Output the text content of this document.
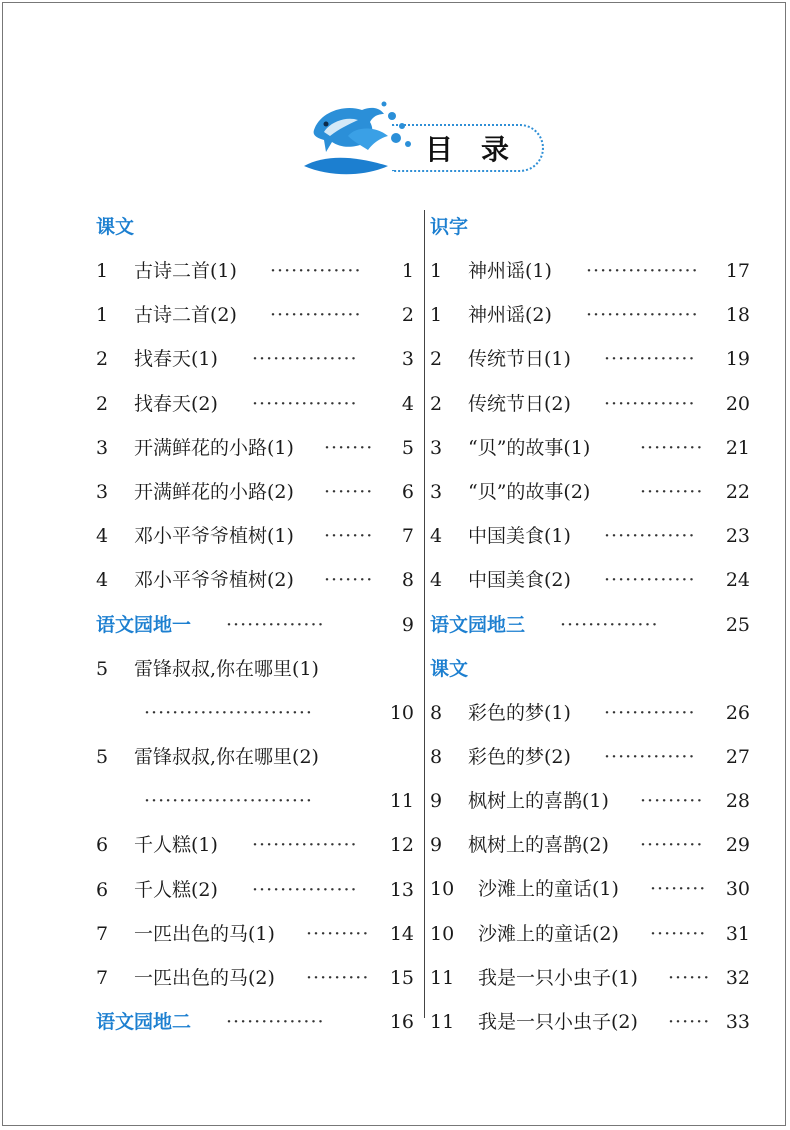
目 录
课文
1	古诗二首(1) ············· 1
1	古诗二首(2) ············· 2
2	找春天(1) ··············· 3
2	找春天(2) ··············· 4
3	开满鲜花的小路(1) ······· 5
3	开满鲜花的小路(2) ······· 6
4	邓小平爷爷植树(1) ······· 7
4	邓小平爷爷植树(2) ······· 8
语文园地一 ··············	9
5	雷锋叔叔,你在哪里(1)
························	10
5	雷锋叔叔,你在哪里(2)
························	11
6	千人糕(1) ··············· 12
6	千人糕(2) ··············· 13
7	一匹出色的马(1) ········· 14
7	一匹出色的马(2) ········· 15
语文园地二 ··············	16
识字
1	神州谣(1) ················ 17
1	神州谣(2) ················ 18
2	传统节日(1) ············· 19
2	传统节日(2) ············· 20
3	“贝”的故事(1)	········· 21
3	“贝”的故事(2)	········· 22
4	中国美食(1) ············· 23
4	中国美食(2) ············· 24
语文园地三 ··············	25
课文
8	彩色的梦(1) ············· 26
8	彩色的梦(2) ············· 27
9	枫树上的喜鹊(1) ········· 28
9	枫树上的喜鹊(2) ········· 29
10	沙滩上的童话(1) ········ 30
10	沙滩上的童话(2) ········ 31
11	我是一只小虫子(1) ······ 32
11	我是一只小虫子(2) ······ 33
